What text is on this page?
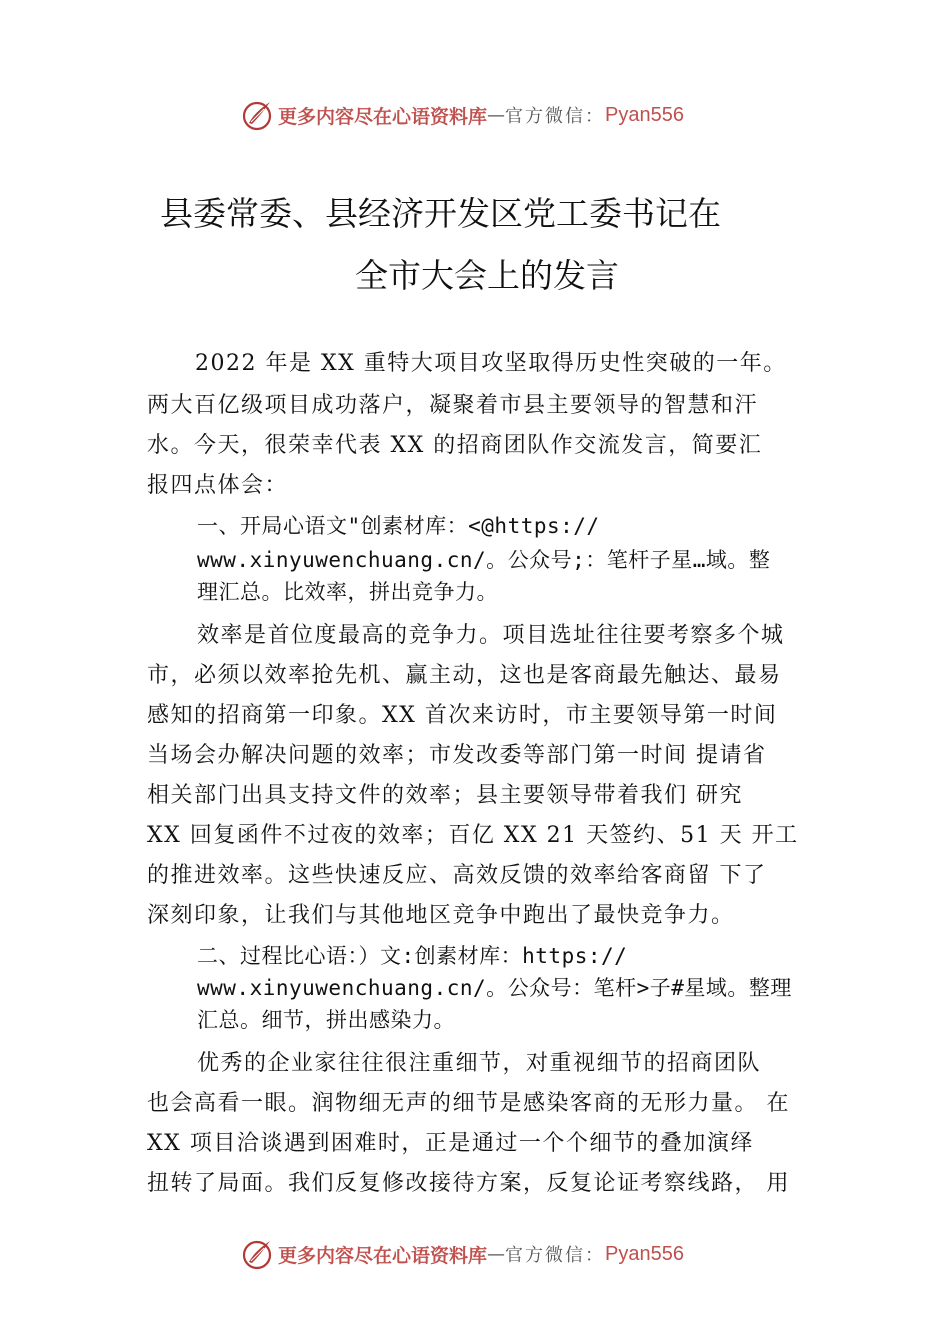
更多内容尽在心语资料库 — 官方微信： Pyan556
县委常委、县经济开发区党工委书记在
全市大会上的发言
2022 年是 XX 重特大项目攻坚取得历史性突破的一年。
两大百亿级项目成功落户，凝聚着市县主要领导的智慧和汗
水。今天，很荣幸代表 XX 的招商团队作交流发言，简要汇
报四点体会：
一、开局心语文"创素材库：<@https://
www.xinyuwenchuang.cn/。公众号;：笔杆子星…域。整
理汇总。比效率，拼出竞争力。
效率是首位度最高的竞争力。项目选址往往要考察多个城
市，必须以效率抢先机、赢主动，这也是客商最先触达、最易
感知的招商第一印象。XX 首次来访时，市主要领导第一时间
当场会办解决问题的效率；市发改委等部门第一时间 提请省
相关部门出具支持文件的效率；县主要领导带着我们 研究
XX 回复函件不过夜的效率；百亿 XX 21 天签约、51 天 开工
的推进效率。这些快速反应、高效反馈的效率给客商留 下了
深刻印象，让我们与其他地区竞争中跑出了最快竞争力。
二、过程比心语：）文:创素材库：https://
www.xinyuwenchuang.cn/。公众号：笔杆>子#星域。整理
汇总。细节，拼出感染力。
优秀的企业家往往很注重细节，对重视细节的招商团队
也会高看一眼。润物细无声的细节是感染客商的无形力量。 在
XX 项目洽谈遇到困难时，正是通过一个个细节的叠加演绎
扭转了局面。我们反复修改接待方案，反复论证考察线路， 用
更多内容尽在心语资料库 — 官方微信： Pyan556
